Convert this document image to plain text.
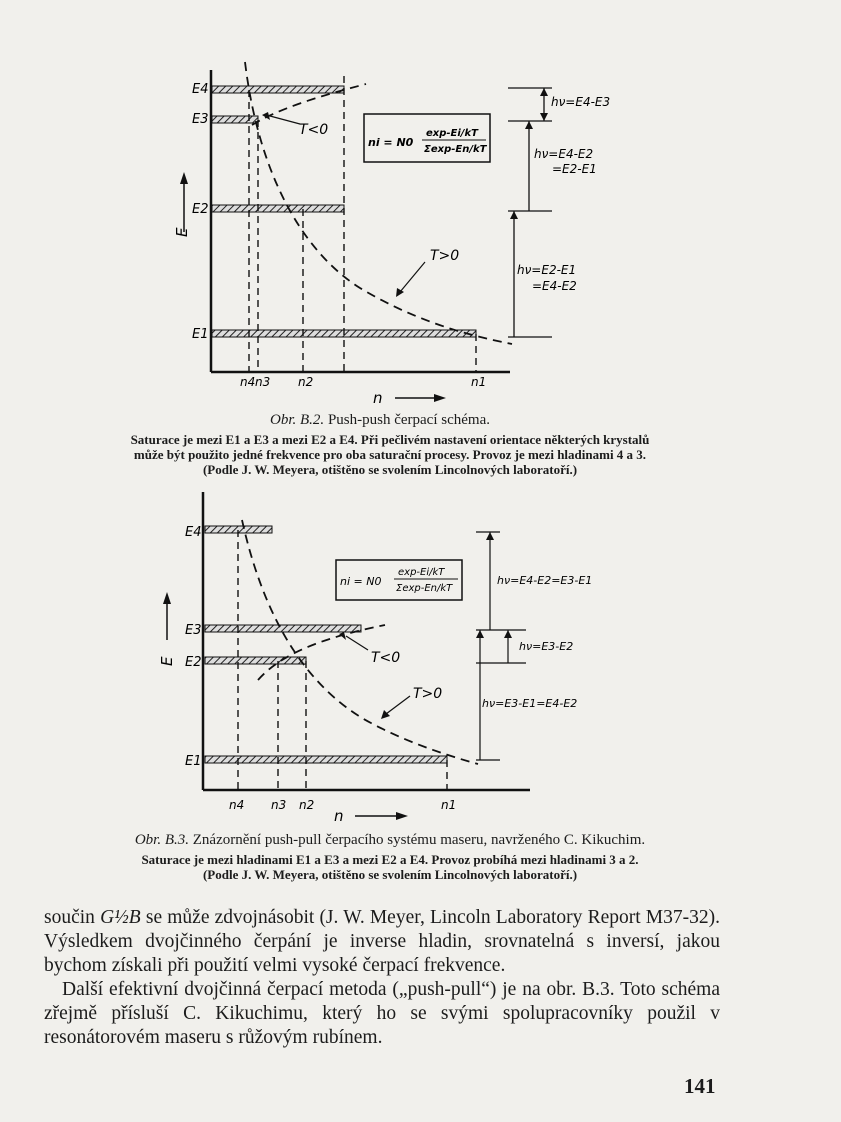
E
n
E4
E3
E2
E1
n4 n3 n2	n1
T<0
T>0
ni = N0
exp-Ei/kT
Σexp-En/kT
hν=E4-E3
hν=E4-E2
=E2-E1
hν=E2-E1
=E4-E2
E
n
E4
E3
E2
E1
n4 n3 n2	n1
T<0
T>0
ni = N0
exp-Ei/kT
Σexp-En/kT
hν=E4-E2=E3-E1
hν=E3-E2
hν=E3-E1=E4-E2
Obr. B.2. Push-push čerpací schéma.
Saturace je mezi E1 a E3 a mezi E2 a E4. Při pečlivém nastavení orientace některých krystalů
může být použito jedné frekvence pro oba saturační procesy. Provoz je mezi hladinami 4 a 3.
(Podle J. W. Meyera, otištěno se svolením Lincolnových laboratoří.)
Obr. B.3. Znázornění push-pull čerpacího systému maseru, navrženého C. Kikuchim.
Saturace je mezi hladinami E1 a E3 a mezi E2 a E4. Provoz probíhá mezi hladinami 3 a 2.
(Podle J. W. Meyera, otištěno se svolením Lincolnových laboratoří.)

součin G½B se může zdvojnásobit (J. W. Meyer, Lincoln Laboratory Report M37-32). Výsledkem dvojčinného čerpání je inverse hladin, srovnatelná s inversí, jakou bychom získali při použití velmi vysoké čerpací frekvence.

Další efektivní dvojčinná čerpací metoda („push-pull“) je na obr. B.3. Toto schéma zřejmě přísluší C. Kikuchimu, který ho se svými spolupracovníky použil v resonátorovém maseru s růžovým rubínem.

141
